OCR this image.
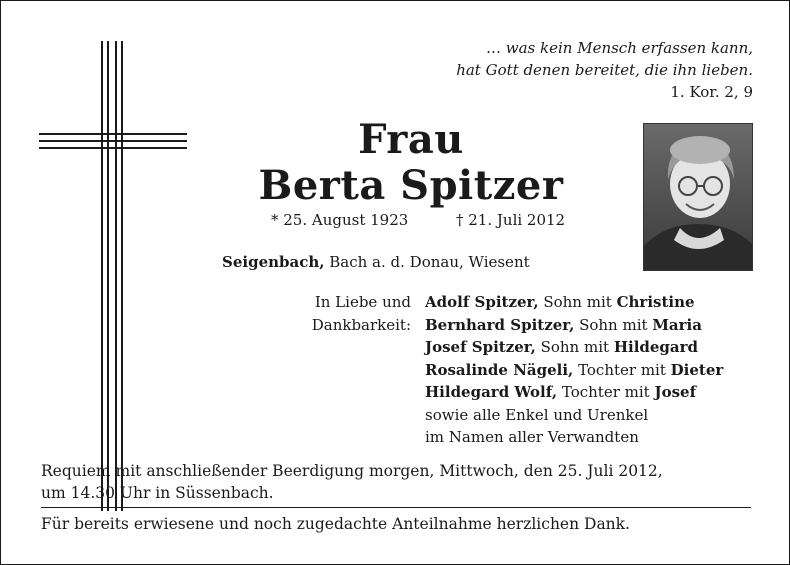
… was kein Mensch erfassen kann,
hat Gott denen bereitet, die ihn lieben.
1. Kor. 2, 9
Frau
Berta Spitzer
* 25. August 1923	† 21. Juli 2012
Seigenbach, Bach a. d. Donau, Wiesent
In Liebe und
Dankbarkeit:
Adolf Spitzer, Sohn mit Christine
Bernhard Spitzer, Sohn mit Maria
Josef Spitzer, Sohn mit Hildegard
Rosalinde Nägeli, Tochter mit Dieter
Hildegard Wolf, Tochter mit Josef
sowie alle Enkel und Urenkel
im Namen aller Verwandten
Requiem mit anschließender Beerdigung morgen, Mittwoch, den 25. Juli 2012,
um 14.30 Uhr in Süssenbach.
Für bereits erwiesene und noch zugedachte Anteilnahme herzlichen Dank.
